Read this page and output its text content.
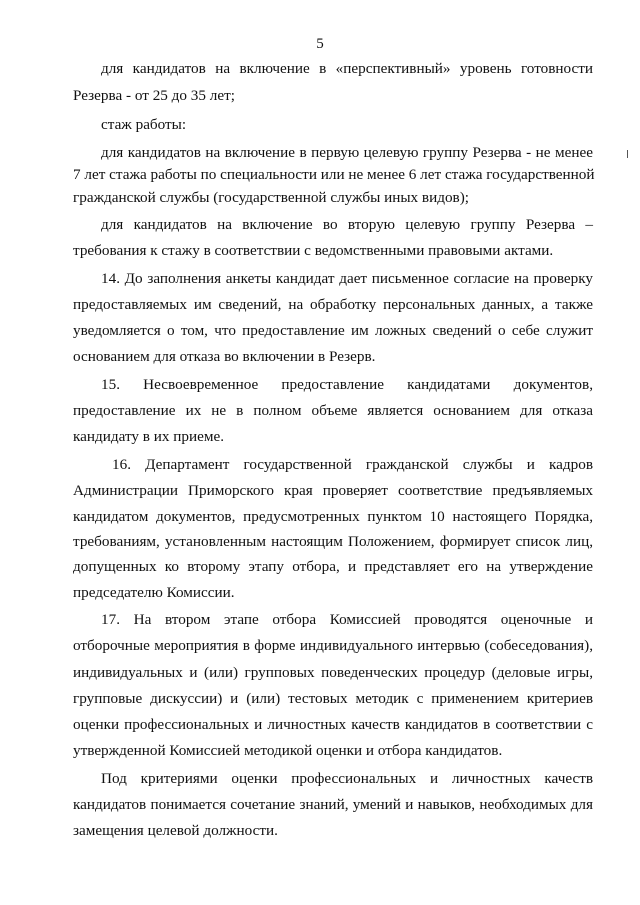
5
для кандидатов на включение в «перспективный» уровень готовности
Резерва - от 25 до 35 лет;
стаж работы:
для кандидатов на включение в первую целевую группу Резерва - не менее
7 лет стажа работы по специальности или не менее 6 лет стажа государственной
гражданской службы (государственной службы иных видов);
для кандидатов на включение во вторую целевую группу Резерва –
требования к стажу в соответствии с ведомственными правовыми актами.
14. До заполнения анкеты кандидат дает письменное согласие на проверку
предоставляемых им сведений, на обработку персональных данных, а также
уведомляется о том, что предоставление им ложных сведений о себе служит
основанием для отказа во включении в Резерв.
15. Несвоевременное предоставление кандидатами документов,
предоставление их не в полном объеме является основанием для отказа
кандидату в их приеме.
16. Департамент государственной гражданской службы и кадров
Администрации Приморского края проверяет соответствие предъявляемых
кандидатом документов, предусмотренных пунктом 10 настоящего Порядка,
требованиям, установленным настоящим Положением, формирует список лиц,
допущенных ко второму этапу отбора, и представляет его на утверждение
председателю Комиссии.
17. На втором этапе отбора Комиссией проводятся оценочные и
отборочные мероприятия в форме индивидуального интервью (собеседования),
индивидуальных и (или) групповых поведенческих процедур (деловые игры,
групповые дискуссии) и (или) тестовых методик с применением критериев
оценки профессиональных и личностных качеств кандидатов в соответствии с
утвержденной Комиссией методикой оценки и отбора кандидатов.
Под критериями оценки профессиональных и личностных качеств
кандидатов понимается сочетание знаний, умений и навыков, необходимых для
замещения целевой должности.
